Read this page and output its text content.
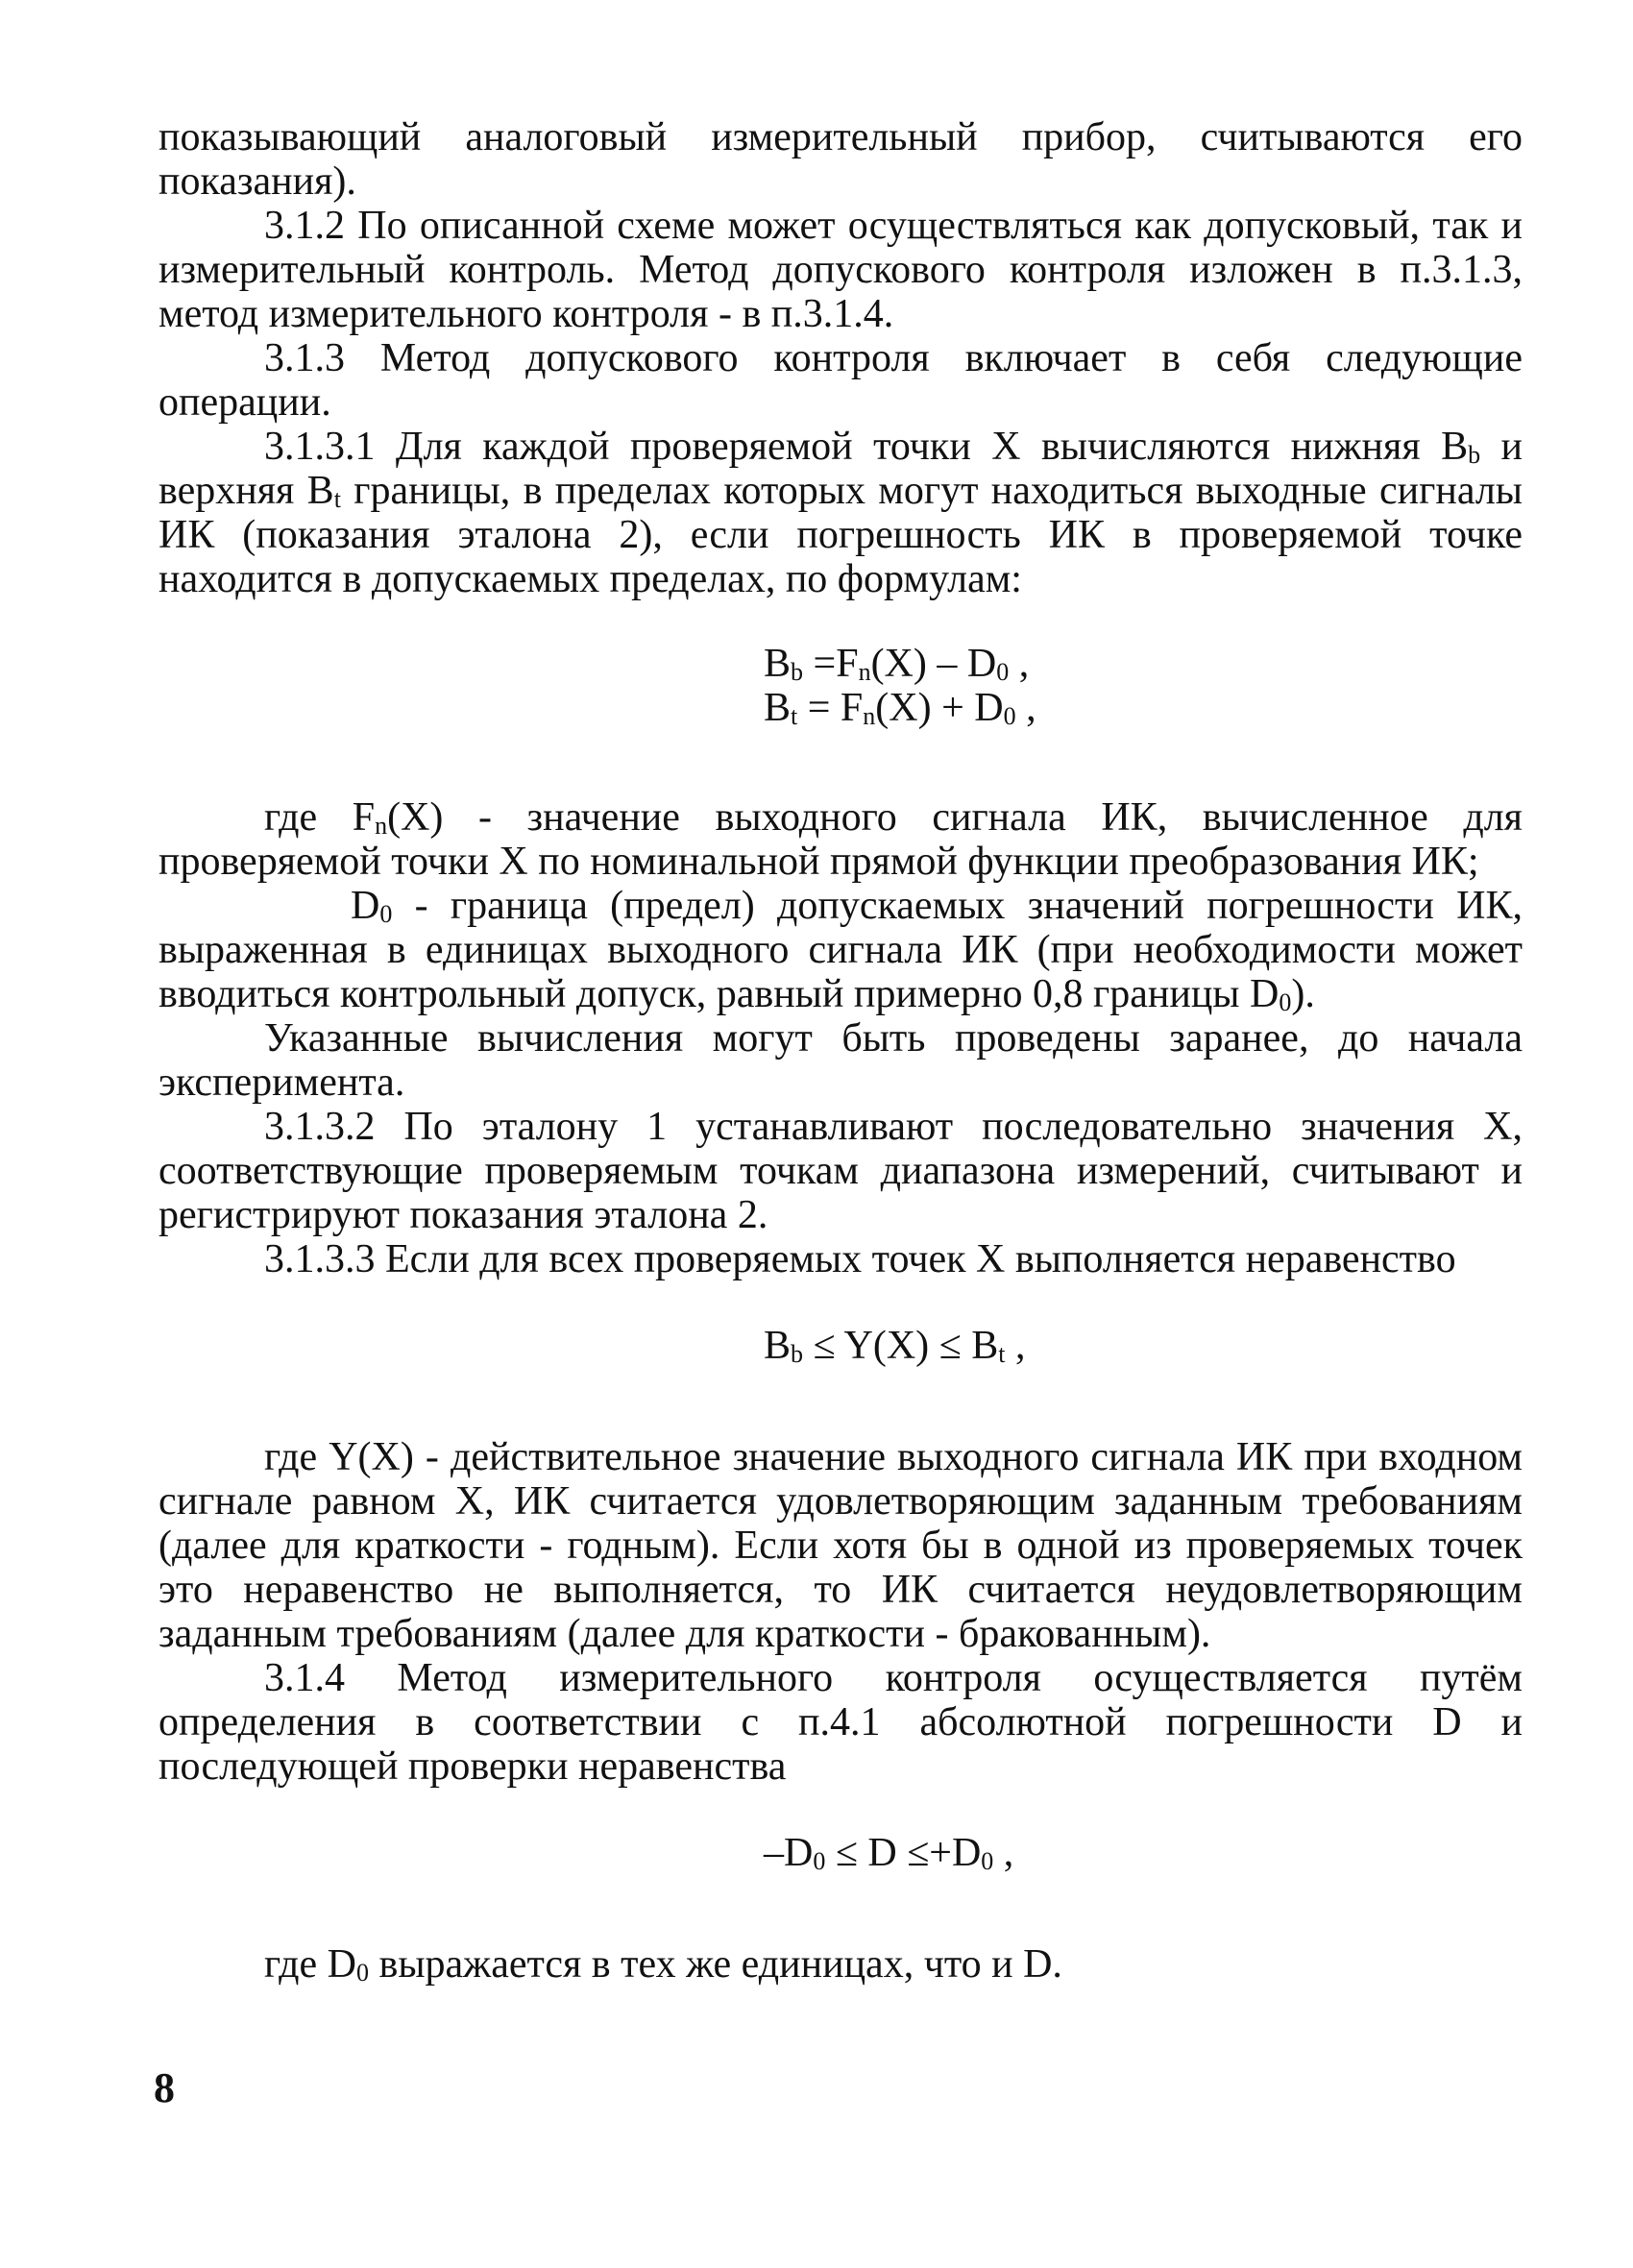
показывающий аналоговый измерительный прибор, считываются его показания).

3.1.2 По описанной схеме может осуществляться как допусковый, так и измерительный контроль. Метод допускового контроля изложен в п.3.1.3, метод измерительного контроля - в п.3.1.4.

3.1.3 Метод допускового контроля включает в себя следующие операции.

3.1.3.1 Для каждой проверяемой точки X вычисляются нижняя $B_b$ и верхняя $B_t$ границы, в пределах которых могут находиться выходные сигналы ИК (показания эталона 2), если погрешность ИК в проверяемой точке находится в допускаемых пределах, по формулам:

$B_b =F_n(X) - D_0$ ,
$B_t = F_n(X) + D_0$ ,

где $F_n(X)$ - значение выходного сигнала ИК, вычисленное для проверяемой точки X по номинальной прямой функции преобразования ИК;

$D_0$ - граница (предел) допускаемых значений погрешности ИК, выраженная в единицах выходного сигнала ИК (при необходимости может вводиться контрольный допуск, равный примерно 0,8 границы $D_0$).

Указанные вычисления могут быть проведены заранее, до начала эксперимента.

3.1.3.2 По эталону 1 устанавливают последовательно значения X, соответствующие проверяемым точкам диапазона измерений, считывают и регистрируют показания эталона 2.

3.1.3.3 Если для всех проверяемых точек X выполняется неравенство

$B_b \le Y(X) \le B_t$ ,

где Y(X) - действительное значение выходного сигнала ИК при входном сигнале равном X, ИК считается удовлетворяющим заданным требованиям (далее для краткости - годным). Если хотя бы в одной из проверяемых точек это неравенство не выполняется, то ИК считается неудовлетворяющим заданным требованиям (далее для краткости - бракованным).

3.1.4 Метод измерительного контроля осуществляется путём определения в соответствии с п.4.1 абсолютной погрешности D и последующей проверки неравенства

$-D_0 \le D \le+D_0$ ,

где $D_0$ выражается в тех же единицах, что и D.

8
